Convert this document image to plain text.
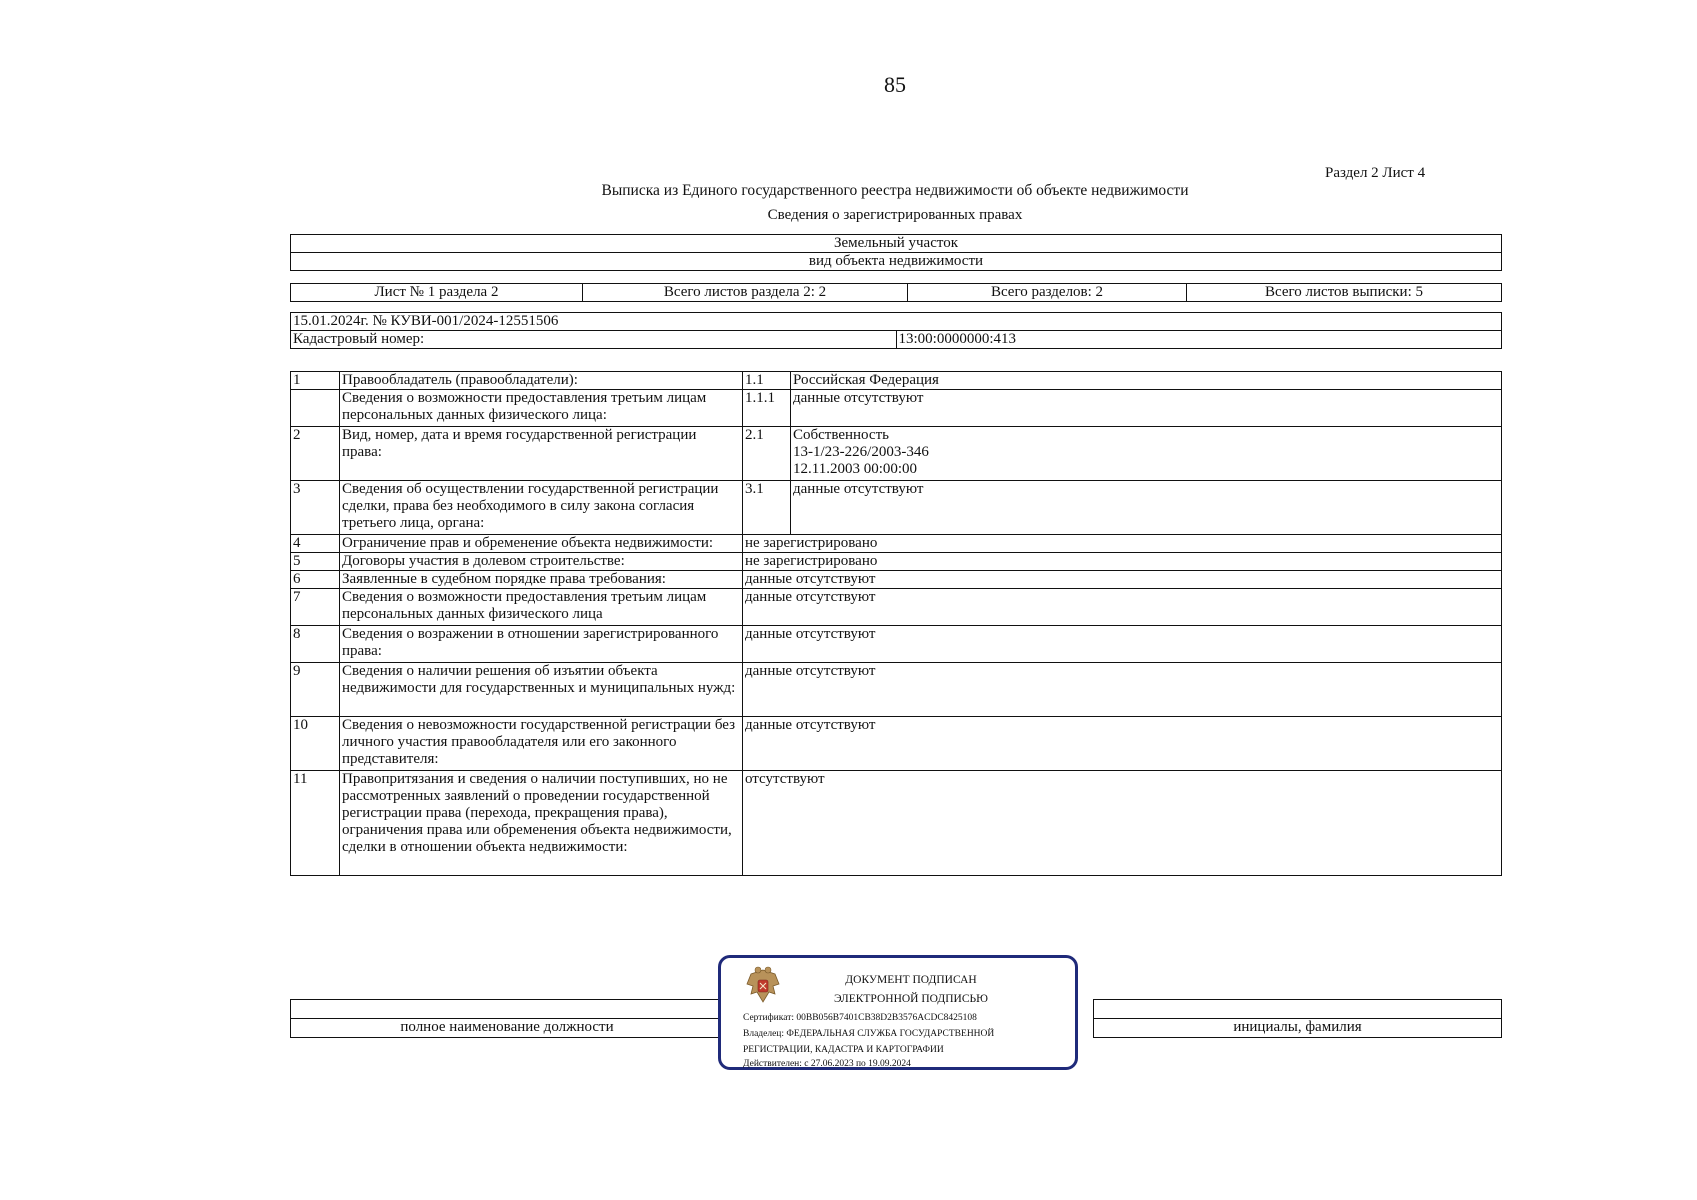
85
Раздел 2 Лист 4
Выписка из Единого государственного реестра недвижимости об объекте недвижимости
Сведения о зарегистрированных правах
Земельный участок
вид объекта недвижимости
Лист № 1 раздела 2	Всего листов раздела 2: 2	Всего разделов: 2	Всего листов выписки: 5
15.01.2024г. № КУВИ-001/2024-12551506
Кадастровый номер:	13:00:0000000:413
1	Правообладатель (правообладатели):	1.1	Российская Федерация
	Сведения о возможности предоставления третьим лицам персональных данных физического лица:	1.1.1	данные отсутствуют
2	Вид, номер, дата и время государственной регистрации права:	2.1	Собственность
13-1/23-226/2003-346
12.11.2003 00:00:00

3	Сведения об осуществлении государственной регистрации сделки, права без необходимого в силу закона согласия третьего лица, органа:	3.1	данные отсутствуют
4	Ограничение прав и обременение объекта недвижимости:	не зарегистрировано	
5	Договоры участия в долевом строительстве:	не зарегистрировано	
6	Заявленные в судебном порядке права требования:	данные отсутствуют	
7	Сведения о возможности предоставления третьим лицам персональных данных физического лица	данные отсутствуют	
8	Сведения о возражении в отношении зарегистрированного права:	данные отсутствуют	
9	Сведения о наличии решения об изъятии объекта недвижимости для государственных и муниципальных нужд:	данные отсутствуют	
10	Сведения о невозможности государственной регистрации без личного участия правообладателя или его законного представителя:	данные отсутствуют	
11	Правопритязания и сведения о наличии поступивших, но не рассмотренных заявлений о проведении государственной регистрации права (перехода, прекращения права), ограничения права или обременения объекта недвижимости, сделки в отношении объекта недвижимости:	отсутствуют	

полное наименование должности		инициалы, фамилия
ДОКУМЕНТ ПОДПИСАН
ЭЛЕКТРОННОЙ ПОДПИСЬЮ
Сертификат: 00BB056B7401CB38D2B3576ACDC8425108
Владелец: ФЕДЕРАЛЬНАЯ СЛУЖБА ГОСУДАРСТВЕННОЙ
РЕГИСТРАЦИИ, КАДАСТРА И КАРТОГРАФИИ
Действителен: с 27.06.2023 по 19.09.2024
